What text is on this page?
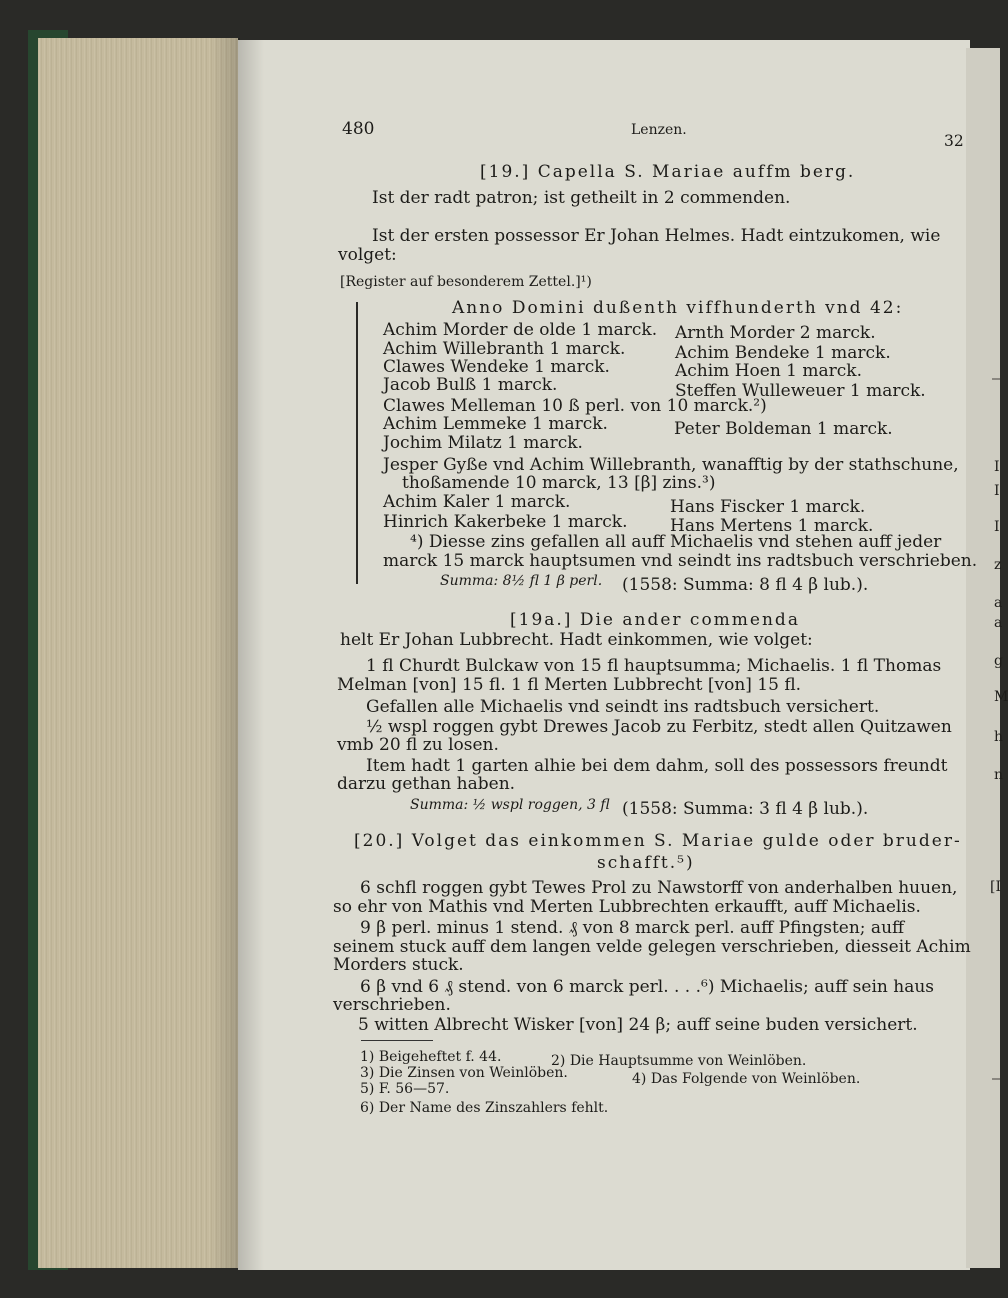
I
I
I
z
a
a
g
M
h
n
[I
480	Lenzen.
32
[19.] Capella S. Mariae auffm berg.
Ist der radt patron; ist getheilt in 2 commenden.
Ist der ersten possessor Er Johan Helmes. Hadt eintzukomen, wie
volget:
[Register auf besonderem Zettel.]¹)
Anno Domini dußenth viffhunderth vnd 42:
Achim Morder de olde 1 marck. Arnth Morder 2 marck.
Achim Willebranth 1 marck.	Achim Bendeke 1 marck.
Clawes Wendeke 1 marck.	Achim Hoen 1 marck.
Jacob Bulß 1 marck.	Steffen Wulleweuer 1 marck.
Clawes Melleman 10 ß perl. von 10 marck.²)
Achim Lemmeke 1 marck.	Peter Boldeman 1 marck.
Jochim Milatz 1 marck.
Jesper Gyße vnd Achim Willebranth, wanafftig by der stathschune,
thoßamende 10 marck, 13 [β] zins.³)
Achim Kaler 1 marck.	Hans Fiscker 1 marck.
Hinrich Kakerbeke 1 marck. Hans Mertens 1 marck.
⁴) Diesse zins gefallen all auff Michaelis vnd stehen auff jeder
marck 15 marck hauptsumen vnd seindt ins radtsbuch verschrieben.
Summa: 8½ fl 1 β perl. (1558: Summa: 8 fl 4 β lub.).
[19a.] Die ander commenda
helt Er Johan Lubbrecht. Hadt einkommen, wie volget:
1 fl Churdt Bulckaw von 15 fl hauptsumma; Michaelis. 1 fl Thomas
Melman [von] 15 fl. 1 fl Merten Lubbrecht [von] 15 fl.
Gefallen alle Michaelis vnd seindt ins radtsbuch versichert.
½ wspl roggen gybt Drewes Jacob zu Ferbitz, stedt allen Quitzawen
vmb 20 fl zu losen.
Item hadt 1 garten alhie bei dem dahm, soll des possessors freundt
darzu gethan haben.
Summa: ½ wspl roggen, 3 fl (1558: Summa: 3 fl 4 β lub.).
[20.] Volget das einkommen S. Mariae gulde oder bruder-
schafft.⁵)
6 schfl roggen gybt Tewes Prol zu Nawstorff von anderhalben huuen,
so ehr von Mathis vnd Merten Lubbrechten erkaufft, auff Michaelis.
9 β perl. minus 1 stend. ₰ von 8 marck perl. auff Pfingsten; auff
seinem stuck auff dem langen velde gelegen verschrieben, diesseit Achim
Morders stuck.
6 β vnd 6 ₰ stend. von 6 marck perl. . . .⁶) Michaelis; auff sein haus
verschrieben.
5 witten Albrecht Wisker [von] 24 β; auff seine buden versichert.
1) Beigeheftet f. 44.	2) Die Hauptsumme von Weinlöben.
3) Die Zinsen von Weinlöben.	4) Das Folgende von Weinlöben.
5) F. 56—57.
6) Der Name des Zinszahlers fehlt.
